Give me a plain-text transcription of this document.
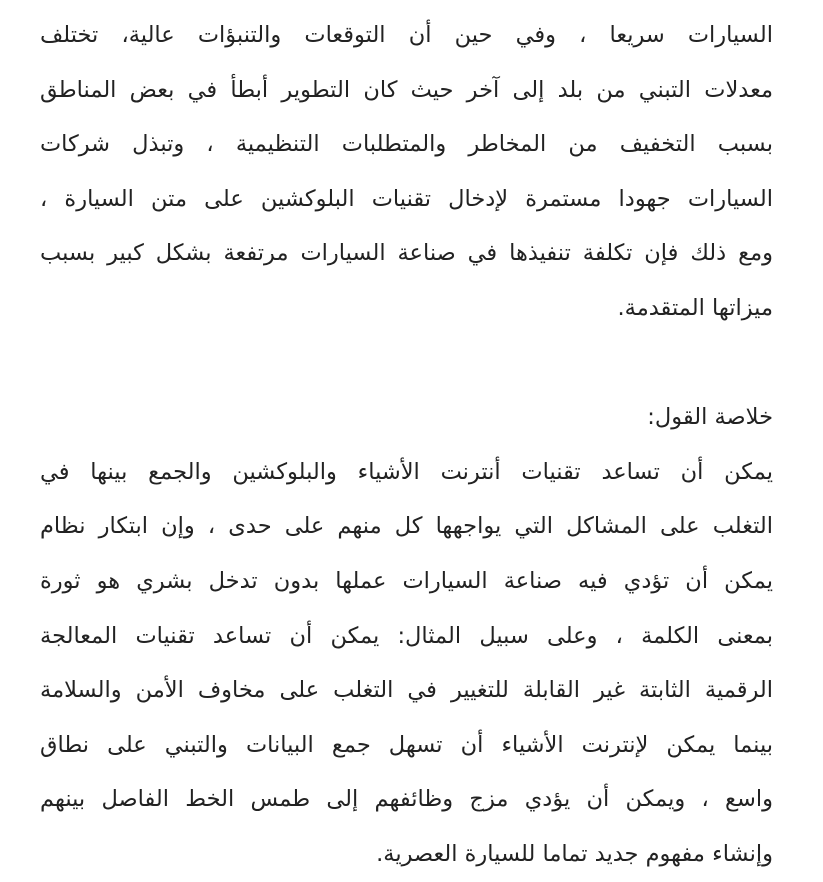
السيارات سريعا ، وفي حين أن التوقعات والتنبؤات عالية، تختلف
معدلات التبني من بلد إلى آخر حيث كان التطوير أبطأ في بعض المناطق
بسبب التخفيف من المخاطر والمتطلبات التنظيمية ، وتبذل شركات
السيارات جهودا مستمرة لإدخال تقنيات البلوكشين على متن السيارة ،
ومع ذلك فإن تكلفة تنفيذها في صناعة السيارات مرتفعة بشكل كبير بسبب
ميزاتها المتقدمة.
خلاصة القول:
يمكن أن تساعد تقنيات أنترنت الأشياء والبلوكشين والجمع بينها في
التغلب على المشاكل التي يواجهها كل منهم على حدى ، وإن ابتكار نظام
يمكن أن تؤدي فيه صناعة السيارات عملها بدون تدخل بشري هو ثورة
بمعنى الكلمة ، وعلى سبيل المثال: يمكن أن تساعد تقنيات المعالجة
الرقمية الثابتة غير القابلة للتغيير في التغلب على مخاوف الأمن والسلامة
بينما يمكن لإنترنت الأشياء أن تسهل جمع البيانات والتبني على نطاق
واسع ، ويمكن أن يؤدي مزج وظائفهم إلى طمس الخط الفاصل بينهم
وإنشاء مفهوم جديد تماما للسيارة العصرية.
